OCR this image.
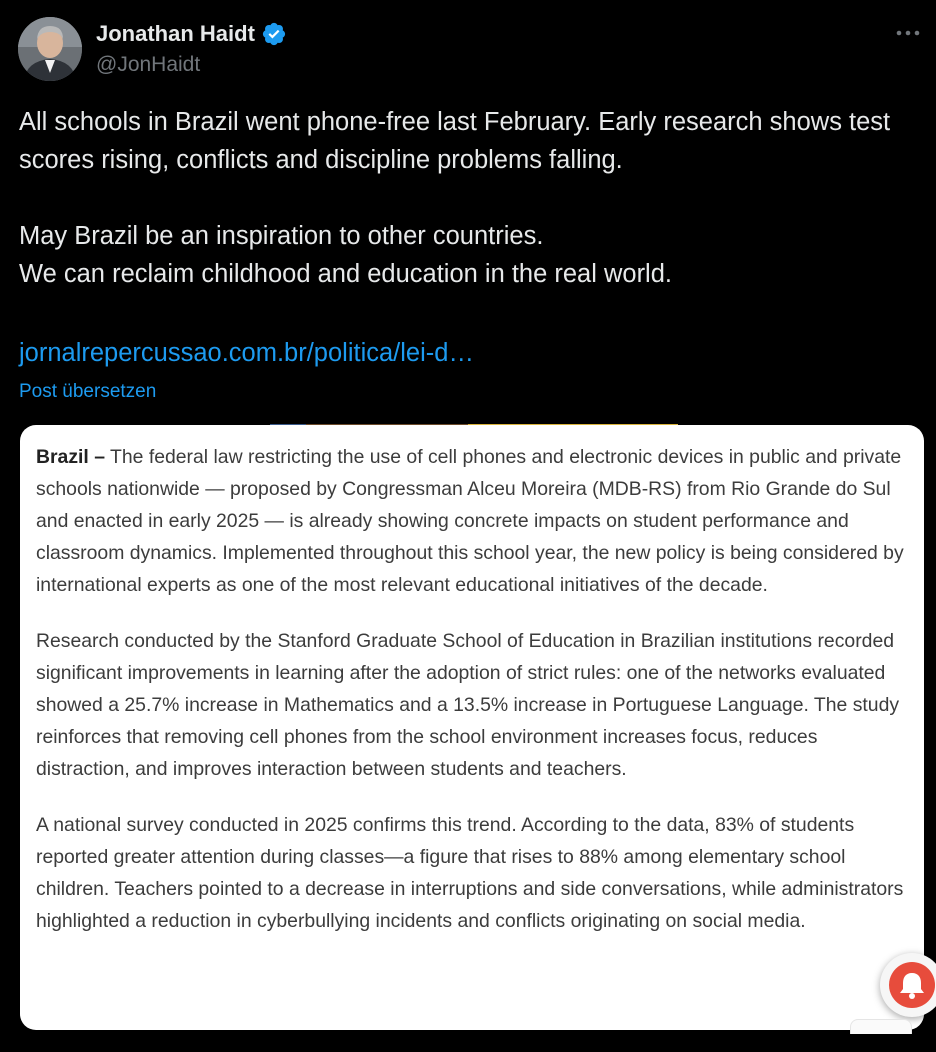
Jonathan Haidt
@JonHaidt

All schools in Brazil went phone-free last February. Early research shows test scores rising, conflicts and discipline problems falling.

May Brazil be an inspiration to other countries.

We can reclaim childhood and education in the real world.

jornalrepercussao.com.br/politica/lei-d…
Post übersetzen

Brazil – The federal law restricting the use of cell phones and electronic devices in public and private schools nationwide — proposed by Congressman Alceu Moreira (MDB-RS) from Rio Grande do Sul and enacted in early 2025 — is already showing concrete impacts on student performance and classroom dynamics. Implemented throughout this school year, the new policy is being considered by international experts as one of the most relevant educational initiatives of the decade.

Research conducted by the Stanford Graduate School of Education in Brazilian institutions recorded significant improvements in learning after the adoption of strict rules: one of the networks evaluated showed a 25.7% increase in Mathematics and a 13.5% increase in Portuguese Language. The study reinforces that removing cell phones from the school environment increases focus, reduces distraction, and improves interaction between students and teachers.

A national survey conducted in 2025 confirms this trend. According to the data, 83% of students reported greater attention during classes—a figure that rises to 88% among elementary school children. Teachers pointed to a decrease in interruptions and side conversations, while administrators highlighted a reduction in cyberbullying incidents and conflicts originating on social media.
